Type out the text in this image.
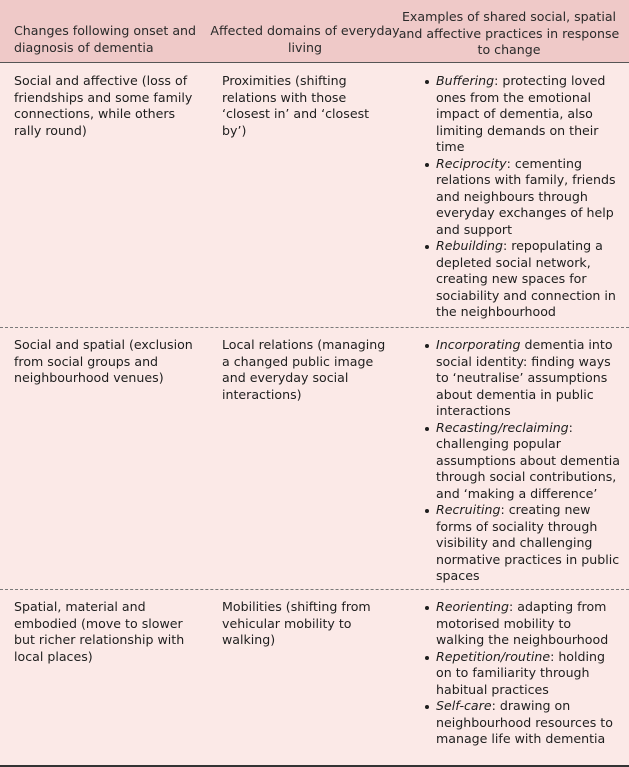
Changes following onset and diagnosis of dementia
Affected domains of everyday living
Examples of shared social, spatial and affective practices in response to change
Social and affective (loss of friendships and some family connections, while others rally round)
Proximities (shifting relations with those ‘closest in’ and ‘closest by’)
Buffering: protecting loved ones from the emotional impact of dementia, also limiting demands on their time
Reciprocity: cementing relations with family, friends and neighbours through everyday exchanges of help and support
Rebuilding: repopulating a depleted social network, creating new spaces for sociability and connection in the neighbourhood
Social and spatial (exclusion from social groups and neighbourhood venues)
Local relations (managing a changed public image and everyday social interactions)
Incorporating dementia into social identity: finding ways to ‘neutralise’ assumptions about dementia in public interactions
Recasting/reclaiming: challenging popular assumptions about dementia through social contributions, and ‘making a difference’
Recruiting: creating new forms of sociality through visibility and challenging normative practices in public spaces
Spatial, material and embodied (move to slower but richer relationship with local places)
Mobilities (shifting from vehicular mobility to walking)
Reorienting: adapting from motorised mobility to walking the neighbourhood
Repetition/routine: holding on to familiarity through habitual practices
Self-care: drawing on neighbourhood resources to manage life with dementia
